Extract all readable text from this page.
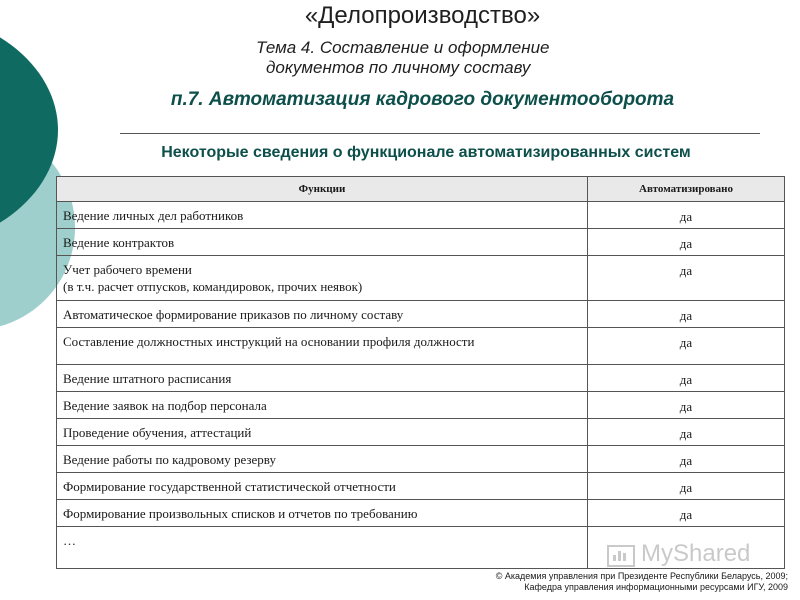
«Делопроизводство»
Тема 4. Составление и оформление
документов по личному составу
п.7. Автоматизация кадрового документооборота
Некоторые сведения о функционале автоматизированных систем
Функции	Автоматизировано
Ведение личных дел работников	да
Ведение контрактов	да

Учет рабочего времени
(в т.ч. расчет отпусков, командировок, прочих неявок)	да
Автоматическое формирование приказов по личному составу	да
Составление должностных инструкций на основании профиля должности	да
Ведение штатного расписания	да
Ведение заявок на подбор персонала	да
Проведение обучения, аттестаций	да
Ведение работы по кадровому резерву	да
Формирование государственной статистической отчетности	да
Формирование произвольных списков и отчетов по требованию	да
…		MyShared
© Академия управления при Президенте Республики Беларусь, 2009;
Кафедра управления информационными ресурсами ИГУ, 2009
